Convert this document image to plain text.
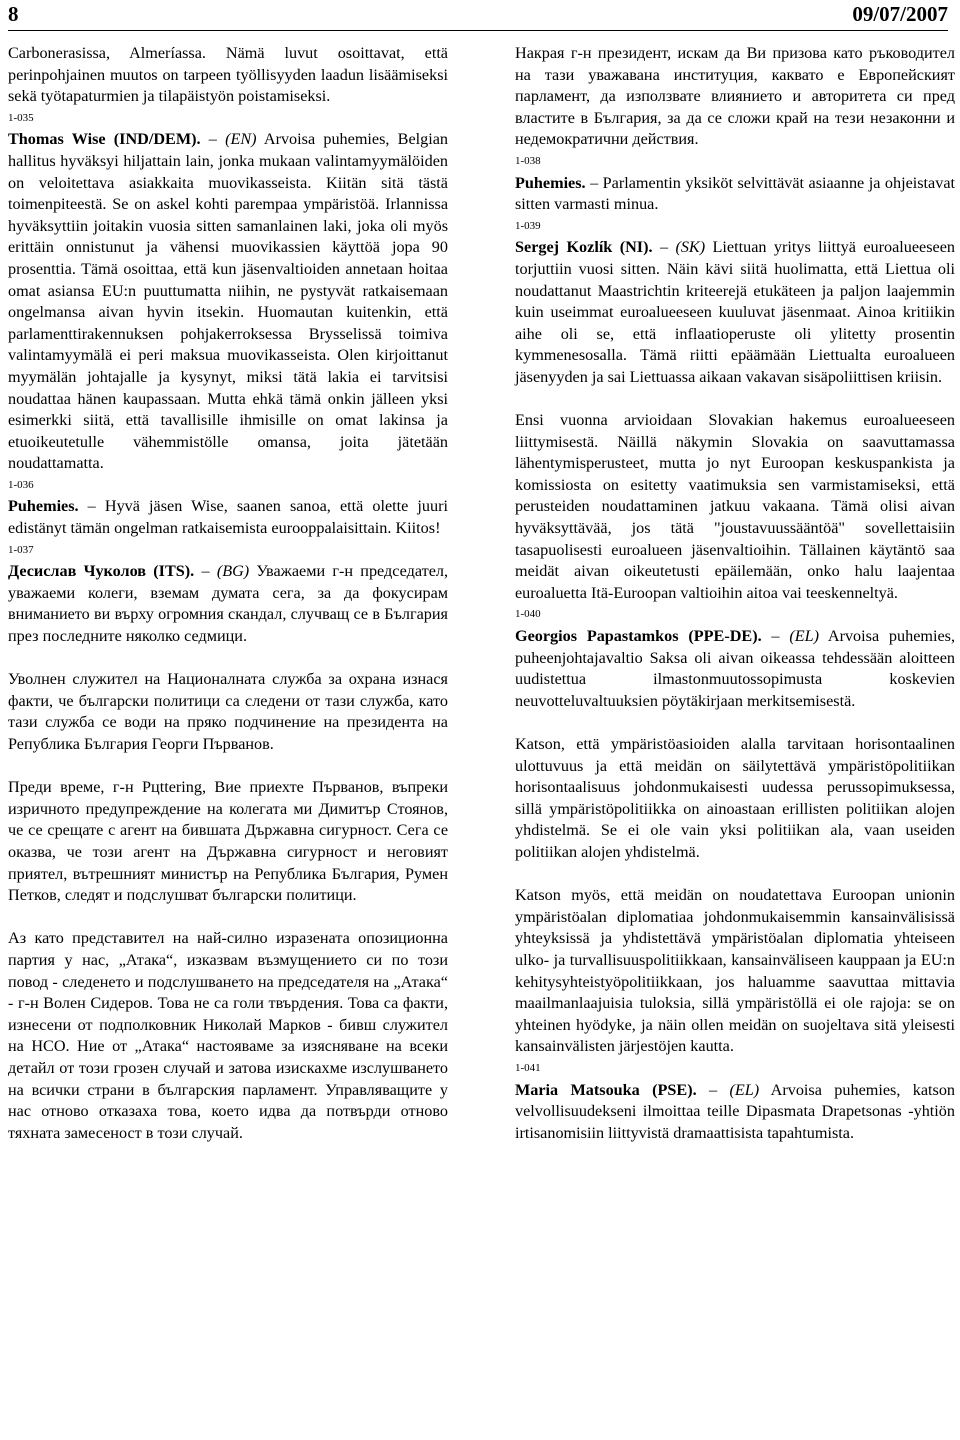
8	09/07/2007

Carbonerasissa, Almeríassa. Nämä luvut osoittavat, että perinpohjainen muutos on tarpeen työllisyyden laadun lisäämiseksi sekä työtapaturmien ja tilapäistyön poistamiseksi.

1-035

Thomas Wise (IND/DEM). – (EN) Arvoisa puhemies, Belgian hallitus hyväksyi hiljattain lain, jonka mukaan valintamyymälöiden on veloitettava asiakkaita muovikasseista. Kiitän sitä tästä toimenpiteestä. Se on askel kohti parempaa ympäristöä. Irlannissa hyväksyttiin joitakin vuosia sitten samanlainen laki, joka oli myös erittäin onnistunut ja vähensi muovikassien käyttöä jopa 90 prosenttia. Tämä osoittaa, että kun jäsenvaltioiden annetaan hoitaa omat asiansa EU:n puuttumatta niihin, ne pystyvät ratkaisemaan ongelmansa aivan hyvin itsekin. Huomautan kuitenkin, että parlamenttirakennuksen pohjakerroksessa Brysselissä toimiva valintamyymälä ei peri maksua muovikasseista. Olen kirjoittanut myymälän johtajalle ja kysynyt, miksi tätä lakia ei tarvitsisi noudattaa hänen kaupassaan. Mutta ehkä tämä onkin jälleen yksi esimerkki siitä, että tavallisille ihmisille on omat lakinsa ja etuoikeutetulle vähemmistölle omansa, joita jätetään noudattamatta.

1-036

Puhemies. – Hyvä jäsen Wise, saanen sanoa, että olette juuri edistänyt tämän ongelman ratkaisemista eurooppalaisittain. Kiitos!

1-037

Десислав Чуколов (ITS). – (BG) Уважаеми г-н председател, уважаеми колеги, вземам думата сега, за да фокусирам вниманието ви върху огромния скандал, случващ се в България през последните няколко седмици.

Уволнен служител на Националната служба за охрана изнася факти, че български политици са следени от тази служба, като тази служба се води на пряко подчинение на президента на Република България Георги Първанов.

Преди време, г-н Pцttering, Вие приехте Първанов, въпреки изричното предупреждение на колегата ми Димитър Стоянов, че се срещате с агент на бившата Държавна сигурност. Сега се оказва, че този агент на Държавна сигурност и неговият приятел, вътрешният министър на Република България, Румен Петков, следят и подслушват български политици.

Аз като представител на най-силно изразената опозиционна партия у нас, „Атака“, изказвам възмущението си по този повод - следенето и подслушването на председателя на „Атака“ - г-н Волен Сидеров. Това не са голи твърдения. Това са факти, изнесени от подполковник Николай Марков - бивш служител на НСО. Ние от „Атака“ настояваме за изясняване на всеки детайл от този грозен случай и затова изискахме изслушването на всички страни в българския парламент. Управляващите у нас отново отказаха това, което идва да потвърди отново тяхната замесеност в този случай.

Накрая г-н президент, искам да Ви призова като ръководител на тази уважавана институция, каквато е Европейският парламент, да използвате влиянието и авторитета си пред властите в България, за да се сложи край на тези незаконни и недемократични действия.

1-038

Puhemies. – Parlamentin yksiköt selvittävät asiaanne ja ohjeistavat sitten varmasti minua.

1-039

Sergej Kozlík (NI). – (SK) Liettuan yritys liittyä euroalueeseen torjuttiin vuosi sitten. Näin kävi siitä huolimatta, että Liettua oli noudattanut Maastrichtin kriteerejä etukäteen ja paljon laajemmin kuin useimmat euroalueeseen kuuluvat jäsenmaat. Ainoa kritiikin aihe oli se, että inflaatioperuste oli ylitetty prosentin kymmenesosalla. Tämä riitti epäämään Liettualta euroalueen jäsenyyden ja sai Liettuassa aikaan vakavan sisäpoliittisen kriisin.

Ensi vuonna arvioidaan Slovakian hakemus euroalueeseen liittymisestä. Näillä näkymin Slovakia on saavuttamassa lähentymisperusteet, mutta jo nyt Euroopan keskuspankista ja komissiosta on esitetty vaatimuksia sen varmistamiseksi, että perusteiden noudattaminen jatkuu vakaana. Tämä olisi aivan hyväksyttävää, jos tätä "joustavuussääntöä" sovellettaisiin tasapuolisesti euroalueen jäsenvaltioihin. Tällainen käytäntö saa meidät aivan oikeutetusti epäilemään, onko halu laajentaa euroaluetta Itä-Euroopan valtioihin aitoa vai teeskenneltyä.

1-040

Georgios Papastamkos (PPE-DE). – (EL) Arvoisa puhemies, puheenjohtajavaltio Saksa oli aivan oikeassa tehdessään aloitteen uudistettua ilmastonmuutossopimusta koskevien neuvotteluvaltuuksien pöytäkirjaan merkitsemisestä.

Katson, että ympäristöasioiden alalla tarvitaan horisontaalinen ulottuvuus ja että meidän on säilytettävä ympäristöpolitiikan horisontaalisuus johdonmukaisesti uudessa perussopimuksessa, sillä ympäristöpolitiikka on ainoastaan erillisten politiikan alojen yhdistelmä. Se ei ole vain yksi politiikan ala, vaan useiden politiikan alojen yhdistelmä.

Katson myös, että meidän on noudatettava Euroopan unionin ympäristöalan diplomatiaa johdonmukaisemmin kansainvälisissä yhteyksissä ja yhdistettävä ympäristöalan diplomatia yhteiseen ulko- ja turvallisuuspolitiikkaan, kansainväliseen kauppaan ja EU:n kehitysyhteistyöpolitiikkaan, jos haluamme saavuttaa mittavia maailmanlaajuisia tuloksia, sillä ympäristöllä ei ole rajoja: se on yhteinen hyödyke, ja näin ollen meidän on suojeltava sitä yleisesti kansainvälisten järjestöjen kautta.

1-041

Maria Matsouka (PSE). – (EL) Arvoisa puhemies, katson velvollisuudekseni ilmoittaa teille Dipasmata Drapetsonas -yhtiön irtisanomisiin liittyvistä dramaattisista tapahtumista.
